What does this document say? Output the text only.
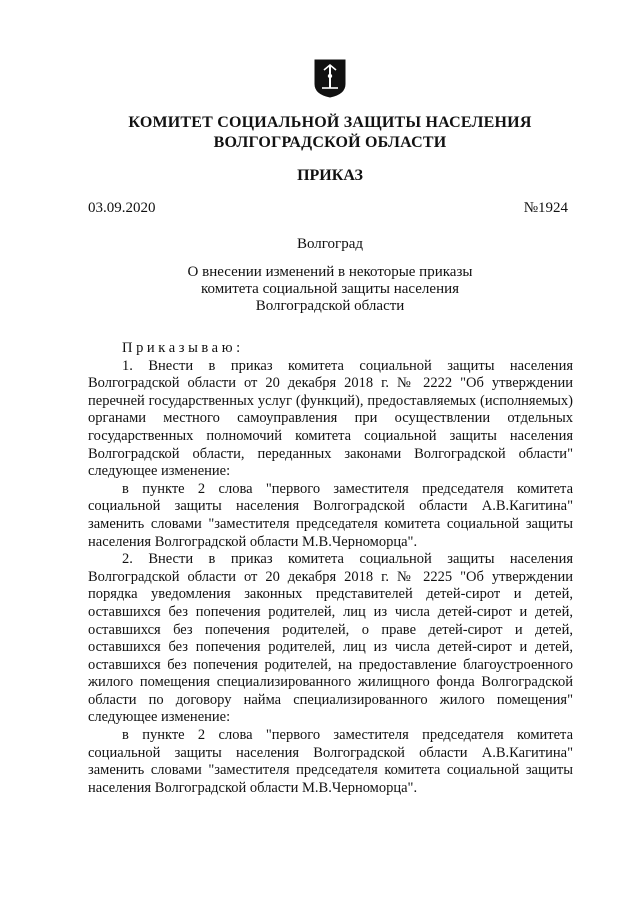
КОМИТЕТ СОЦИАЛЬНОЙ ЗАЩИТЫ НАСЕЛЕНИЯ
ВОЛГОГРАДСКОЙ ОБЛАСТИ
ПРИКАЗ
03.09.2020	№1924
Волгоград
О внесении изменений в некоторые приказы
комитета социальной защиты населения
Волгоградской области

Приказываю:

1. Внести в приказ комитета социальной защиты населения Волгоградской области от 20 декабря 2018 г. № 2222 "Об утверждении перечней государственных услуг (функций), предоставляемых (исполняемых) органами местного самоуправления при осуществлении отдельных государственных полномочий комитета социальной защиты населения Волгоградской области, переданных законами Волгоградской области" следующее изменение:

в пункте 2 слова "первого заместителя председателя комитета социальной защиты населения Волгоградской области А.В.Кагитина" заменить словами "заместителя председателя комитета социальной защиты населения Волгоградской области М.В.Черноморца".

2. Внести в приказ комитета социальной защиты населения Волгоградской области от 20 декабря 2018 г. № 2225 "Об утверждении порядка уведомления законных представителей детей-сирот и детей, оставшихся без попечения родителей, лиц из числа детей-сирот и детей, оставшихся без попечения родителей, о праве детей-сирот и детей, оставшихся без попечения родителей, лиц из числа детей-сирот и детей, оставшихся без попечения родителей, на предоставление благоустроенного жилого помещения специализированного жилищного фонда Волгоградской области по договору найма специализированного жилого помещения" следующее изменение:

в пункте 2 слова "первого заместителя председателя комитета социальной защиты населения Волгоградской области А.В.Кагитина" заменить словами "заместителя председателя комитета социальной защиты населения Волгоградской области М.В.Черноморца".
